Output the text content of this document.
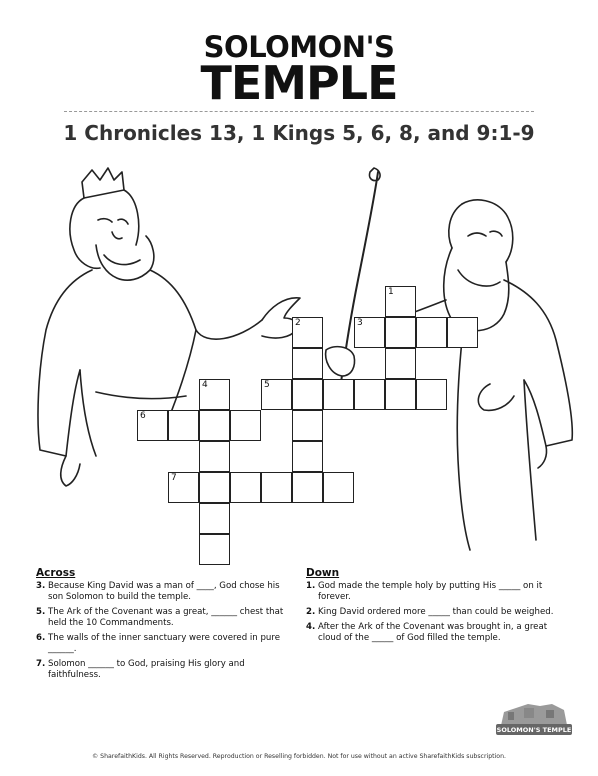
SOLOMON'S
TEMPLE
1 Chronicles 13, 1 Kings 5, 6, 8, and 9:1-9
1
2	3
4	5
6
7
Across
3. Because King David was a man of ____, God chose his son Solomon to build the temple.
5. The Ark of the Covenant was a great, ______ chest that held the 10 Commandments.
6. The walls of the inner sanctuary were covered in pure ______.
7. Solomon ______ to God, praising His glory and faithfulness.
Down
1. God made the temple holy by putting His _____ on it forever.
2. King David ordered more _____ than could be weighed.
4. After the Ark of the Covenant was brought in, a great cloud of the _____ of God filled the temple.
SOLOMON'S TEMPLE
© SharefaithKids. All Rights Reserved. Reproduction or Reselling forbidden. Not for use without an active SharefaithKids subscription.
